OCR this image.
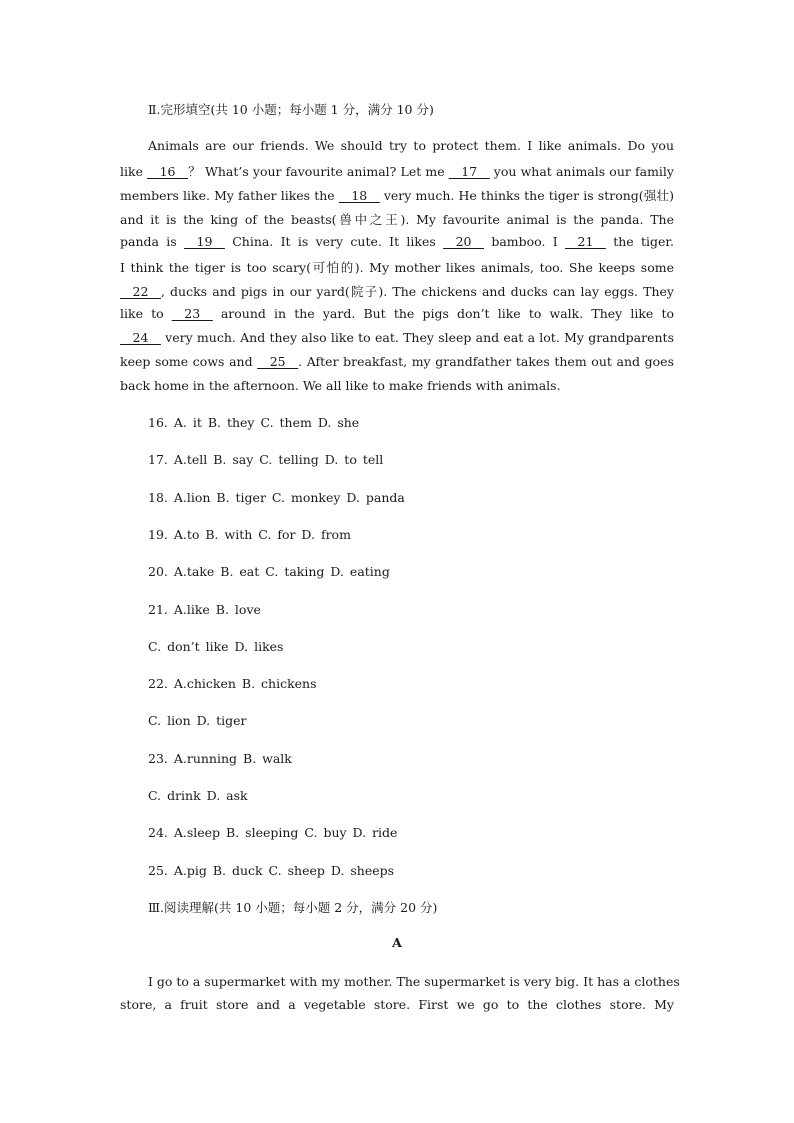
Ⅱ.完形填空(共 10 小题；每小题 1 分，满分 10 分)
Animals are our friends. We should try to protect them. I like animals. Do you
like __16__？ What’s your favourite animal? Let me __17__ you what animals our family
members like. My father likes the __18__ very much. He thinks the tiger is strong(强壮)
and it is the king of the beasts(兽中之王). My favourite animal is the panda. The
panda is __19__ China. It is very cute. It likes __20__ bamboo. I __21__ the tiger.
I think the tiger is too scary(可怕的). My mother likes animals, too. She keeps some
__22__, ducks and pigs in our yard(院子). The chickens and ducks can lay eggs. They
like to __23__ around in the yard. But the pigs don’t like to walk. They like to
__24__ very much. And they also like to eat. They sleep and eat a lot. My grandparents
keep some cows and __25__. After breakfast, my grandfather takes them out and goes
back home in the afternoon. We all like to make friends with animals.
16. A. it B. they C. them D. she
17. A.tell B. say C. telling D. to tell
18. A.lion B. tiger C. monkey D. panda
19. A.to B. with C. for D. from
20. A.take B. eat C. taking D. eating
21. A.like B. love
C. don’t like D. likes
22. A.chicken B. chickens
C. lion D. tiger
23. A.running B. walk
C. drink D. ask
24. A.sleep B. sleeping C. buy D. ride
25. A.pig B. duck C. sheep D. sheeps
Ⅲ.阅读理解(共 10 小题；每小题 2 分，满分 20 分)
A
I go to a supermarket with my mother. The supermarket is very big. It has a clothes
store, a fruit store and a vegetable store. First we go to the clothes store. My
